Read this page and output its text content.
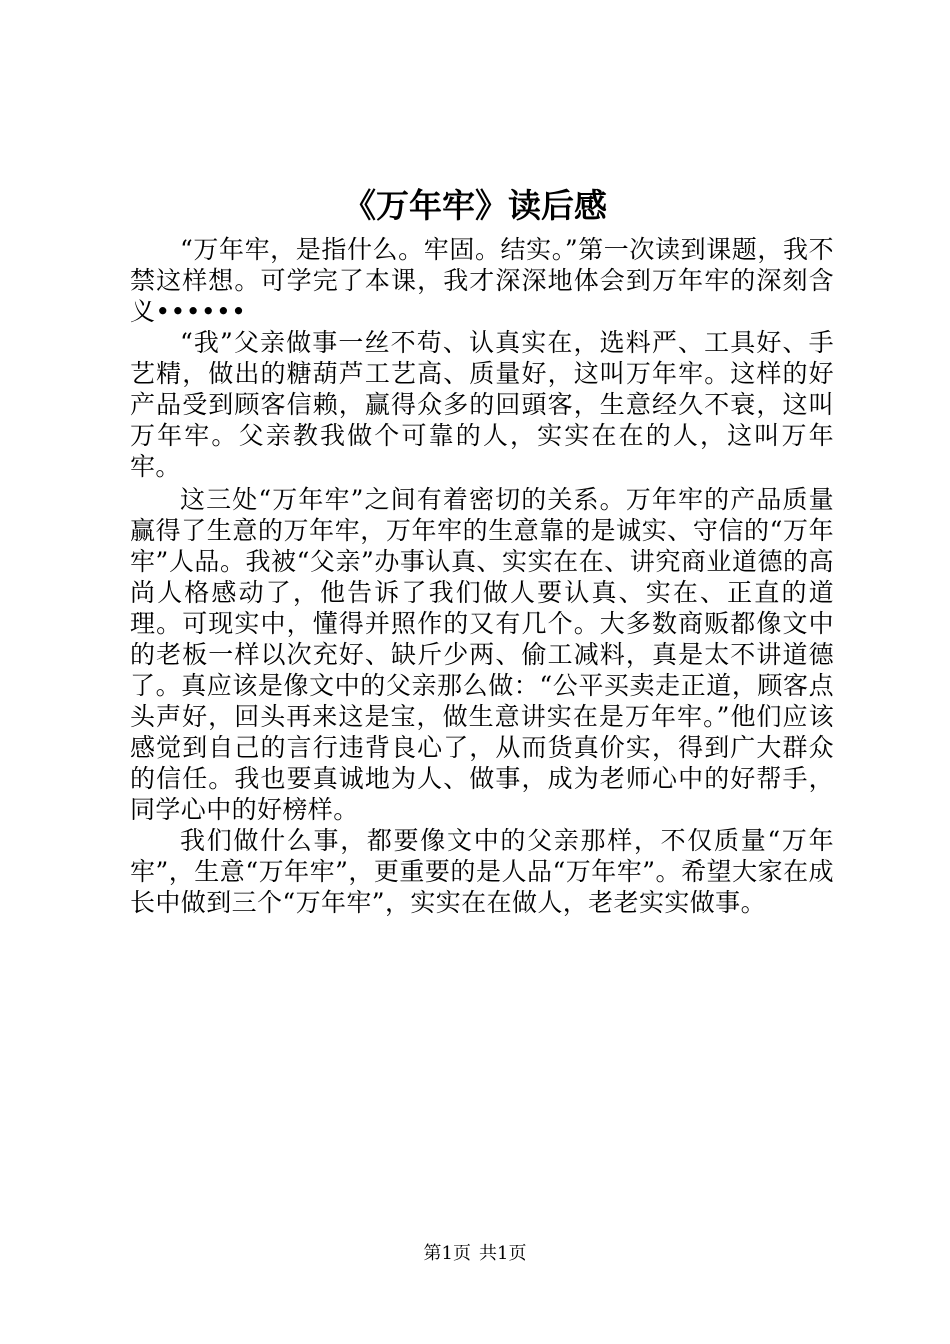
《万年牢》读后感

“万年牢，是指什么。牢固。结实。”第一次读到课题，我不禁这样想。可学完了本课，我才深深地体会到万年牢的深刻含义••••••

“我”父亲做事一丝不苟、认真实在，选料严、工具好、手艺精，做出的糖葫芦工艺高、质量好，这叫万年牢。这样的好产品受到顾客信赖，赢得众多的回頭客，生意经久不衰，这叫万年牢。父亲教我做个可靠的人，实实在在的人，这叫万年牢。

这三处“万年牢”之间有着密切的关系。万年牢的产品质量赢得了生意的万年牢，万年牢的生意靠的是诚实、守信的“万年牢”人品。我被“父亲”办事认真、实实在在、讲究商业道德的高尚人格感动了，他告诉了我们做人要认真、实在、正直的道理。可现实中，懂得并照作的又有几个。大多数商贩都像文中的老板一样以次充好、缺斤少两、偷工减料，真是太不讲道德了。真应该是像文中的父亲那么做：“公平买卖走正道，顾客点头声好，回头再来这是宝，做生意讲实在是万年牢。”他们应该感觉到自己的言行违背良心了，从而货真价实，得到广大群众的信任。我也要真诚地为人、做事，成为老师心中的好帮手，同学心中的好榜样。

我们做什么事，都要像文中的父亲那样，不仅质量“万年牢”，生意“万年牢”，更重要的是人品“万年牢”。希望大家在成长中做到三个“万年牢”，实实在在做人，老老实实做事。

第1页 共1页
